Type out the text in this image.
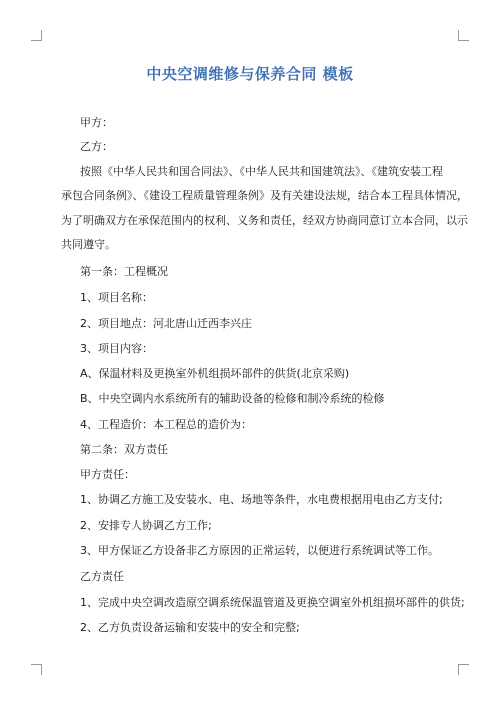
中央空调维修与保养合同 模板
甲方：
乙方：
按照《中华人民共和国合同法》、《中华人民共和国建筑法》、《建筑安装工程
承包合同条例》、《建设工程质量管理条例》及有关建设法规，结合本工程具体情况，
为了明确双方在承保范围内的权利、义务和责任，经双方协商同意订立本合同，以示
共同遵守。
第一条：工程概况
1、项目名称：
2、项目地点：河北唐山迁西李兴庄
3、项目内容：
A、保温材料及更换室外机组损坏部件的供货(北京采购)
B、中央空调内水系统所有的辅助设备的检修和制冷系统的检修
4、工程造价：本工程总的造价为：
第二条：双方责任
甲方责任：
1、协调乙方施工及安装水、电、场地等条件，水电费根据用电由乙方支付;
2、安排专人协调乙方工作;
3、甲方保证乙方设备非乙方原因的正常运转，以便进行系统调试等工作。
乙方责任
1、完成中央空调改造原空调系统保温管道及更换空调室外机组损坏部件的供货;
2、乙方负责设备运输和安装中的安全和完整;
